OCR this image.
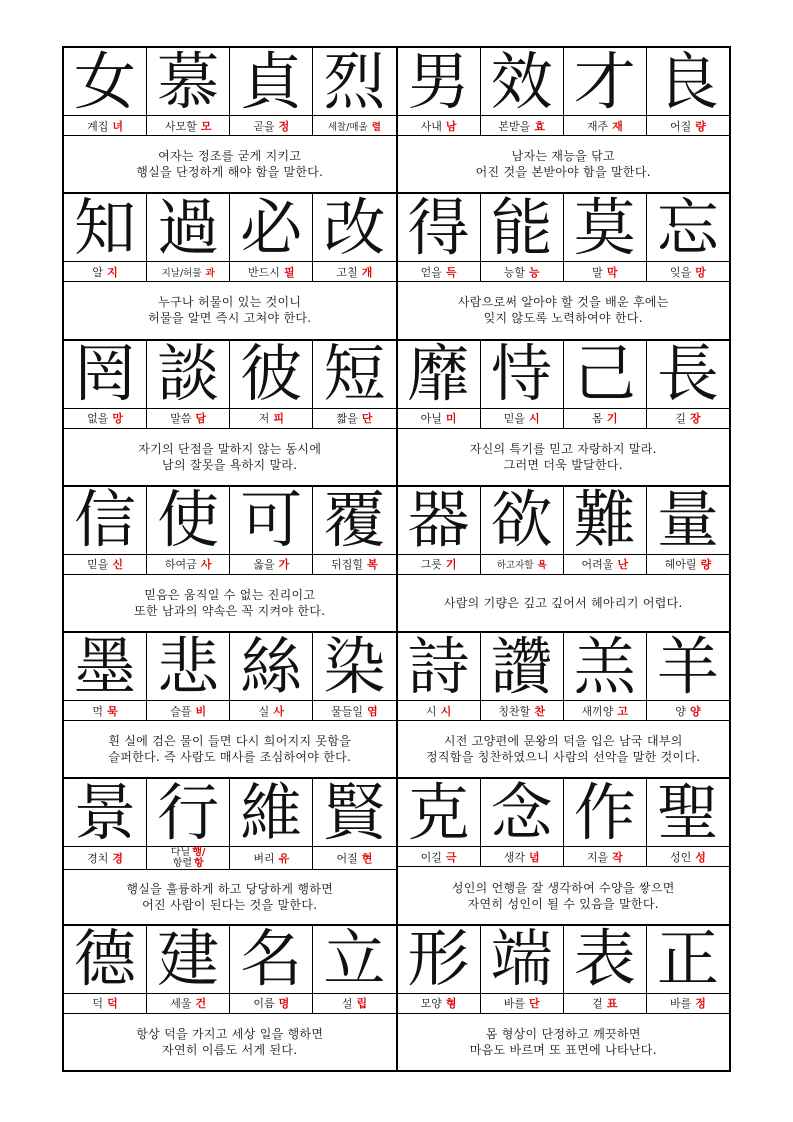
女
계집 녀
慕
사모할 모
貞
곧을 정
烈
세찰/매울 렬
여자는 정조를 굳게 지키고
행실을 단정하게 해야 함을 말한다.
男
사내 남
效
본받을 효
才
재주 재
良
어질 량
남자는 재능을 닦고
어진 것을 본받아야 함을 말한다.
知
알 지
過
지날/허물 과
必
반드시 필
改
고칠 개
누구나 허물이 있는 것이니
허물을 알면 즉시 고쳐야 한다.
得
얻을 득
能
능할 능
莫
말 막
忘
잊을 망
사람으로써 알아야 할 것을 배운 후에는
잊지 않도록 노력하여야 한다.
罔
없을 망
談
말씀 담
彼
저 피
短
짧을 단
자기의 단점을 말하지 않는 동시에
남의 잘못을 욕하지 말라.
靡
아닐 미
恃
믿을 시
己
몸 기
長
길 장
자신의 특기를 믿고 자랑하지 말라.
그러면 더욱 발달한다.
信
믿을 신
使
하여금 사
可
옳을 가
覆
뒤집힐 복
믿음은 움직일 수 없는 진리이고
또한 남과의 약속은 꼭 지켜야 한다.
器
그릇 기
欲
하고자할 욕
難
어려울 난
量
헤아릴 량
사람의 기량은 깊고 깊어서 헤아리기 어렵다.
墨
먹 묵
悲
슬플 비
絲
실 사
染
물들일 염
흰 실에 검은 물이 들면 다시 희어지지 못함을
슬퍼한다. 즉 사람도 매사를 조심하여야 한다.
詩
시 시
讚
칭찬할 찬
羔
새끼양 고
羊
양 양
시전 고양편에 문왕의 덕을 입은 남국 대부의
정직함을 칭찬하였으니 사람의 선악을 말한 것이다.
景
경치 경
行
다닐 행/
항렬 항
維
벼리 유
賢
어질 현
행실을 훌륭하게 하고 당당하게 행하면
어진 사람이 된다는 것을 말한다.
克
이길 극
念
생각 념
作
지을 작
聖
성인 성
성인의 언행을 잘 생각하여 수양을 쌓으면
자연히 성인이 될 수 있음을 말한다.
德
덕 덕
建
세울 건
名
이름 명
立
설 립
항상 덕을 가지고 세상 일을 행하면
자연히 이름도 서게 된다.
形
모양 형
端
바를 단
表
겉 표
正
바를 정
몸 형상이 단정하고 깨끗하면
마음도 바르며 또 표면에 나타난다.
